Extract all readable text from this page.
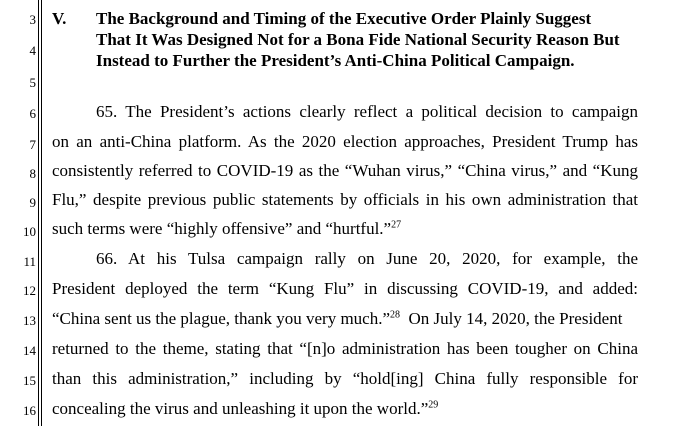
3
4
5
6
7
8
9
10
11
12
13
14
15
16
V. The Background and Timing of the Executive Order Plainly Suggest
That It Was Designed Not for a Bona Fide National Security Reason But
Instead to Further the President’s Anti-China Political Campaign.
65. The President’s actions clearly reflect a political decision to campaign
on an anti-China platform. As the 2020 election approaches, President Trump has
consistently referred to COVID-19 as the “Wuhan virus,” “China virus,” and “Kung
Flu,” despite previous public statements by officials in his own administration that
such terms were “highly offensive” and “hurtful.”$^{27}$
66. At his Tulsa campaign rally on June 20, 2020, for example, the
President deployed the term “Kung Flu” in discussing COVID-19, and added:
“China sent us the plague, thank you very much.”$^{28}$  On July 14, 2020, the President
returned to the theme, stating that “[n]o administration has been tougher on China
than this administration,” including by “hold[ing] China fully responsible for
concealing the virus and unleashing it upon the world.”$^{29}$
